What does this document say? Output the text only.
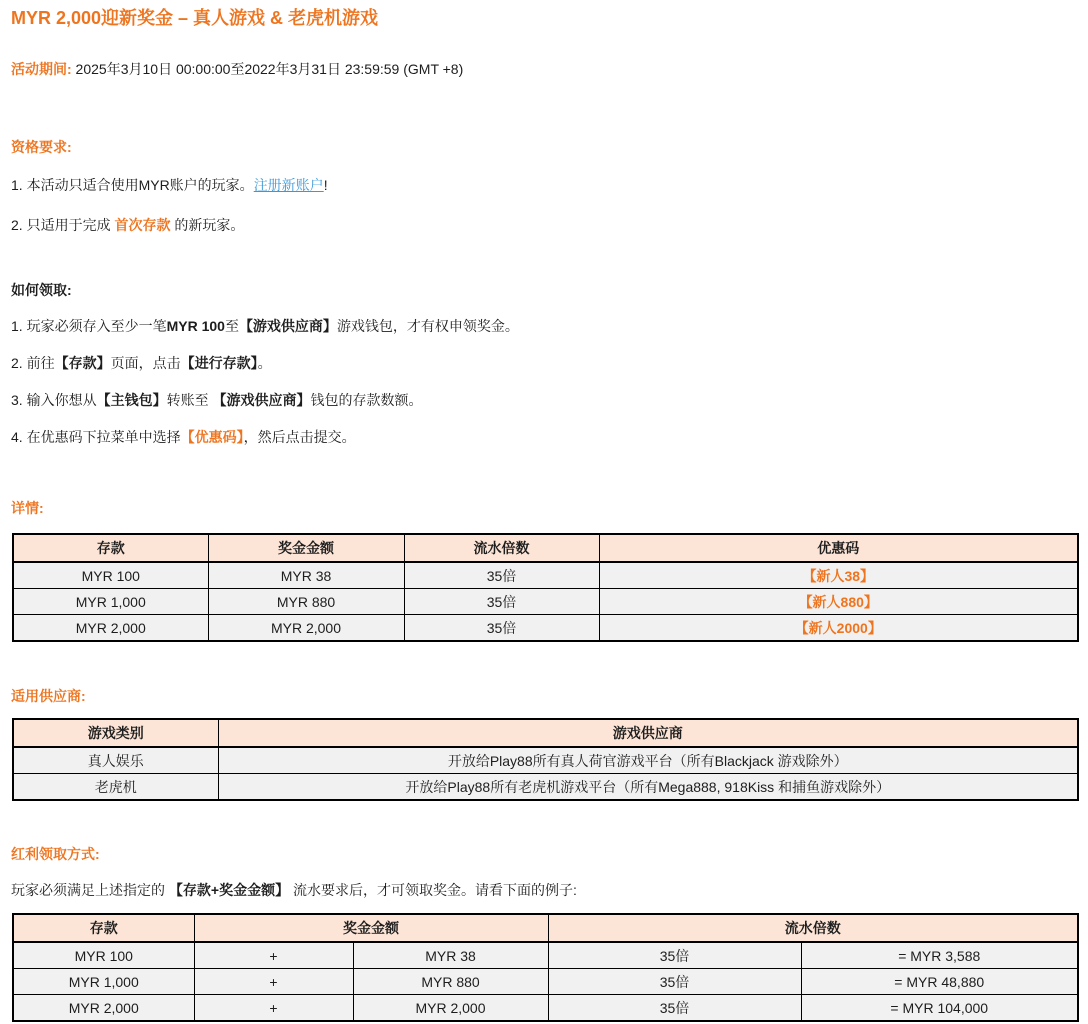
MYR 2,000迎新奖金 – 真人游戏 & 老虎机游戏

活动期间: 2025年3月10日 00:00:00至2022年3月31日 23:59:59 (GMT +8)

资格要求:

1. 本活动只适合使用MYR账户的玩家。注册新账户!

2. 只适用于完成 首次存款 的新玩家。

如何领取:

1. 玩家必须存入至少一笔MYR 100至【游戏供应商】游戏钱包，才有权申领奖金。

2. 前往【存款】页面，点击【进行存款】。

3. 输入你想从【主钱包】转账至 【游戏供应商】钱包的存款数额。

4. 在优惠码下拉菜单中选择【优惠码】，然后点击提交。

详情:

存款	奖金金额	流水倍数	优惠码
MYR 100	MYR 38	35倍	【新人38】
MYR 1,000	MYR 880	35倍	【新人880】
MYR 2,000	MYR 2,000	35倍	【新人2000】

适用供应商:

游戏类别	游戏供应商
真人娱乐	开放给Play88所有真人荷官游戏平台（所有Blackjack 游戏除外）
老虎机	开放给Play88所有老虎机游戏平台（所有Mega888, 918Kiss 和捕鱼游戏除外）

红利领取方式:

玩家必须满足上述指定的 【存款+奖金金额】 流水要求后，才可领取奖金。请看下面的例子:

存款	奖金金额		流水倍数	
MYR 100	+	MYR 38	35倍	= MYR 3,588
MYR 1,000	+	MYR 880	35倍	= MYR 48,880
MYR 2,000	+	MYR 2,000	35倍	= MYR 104,000
